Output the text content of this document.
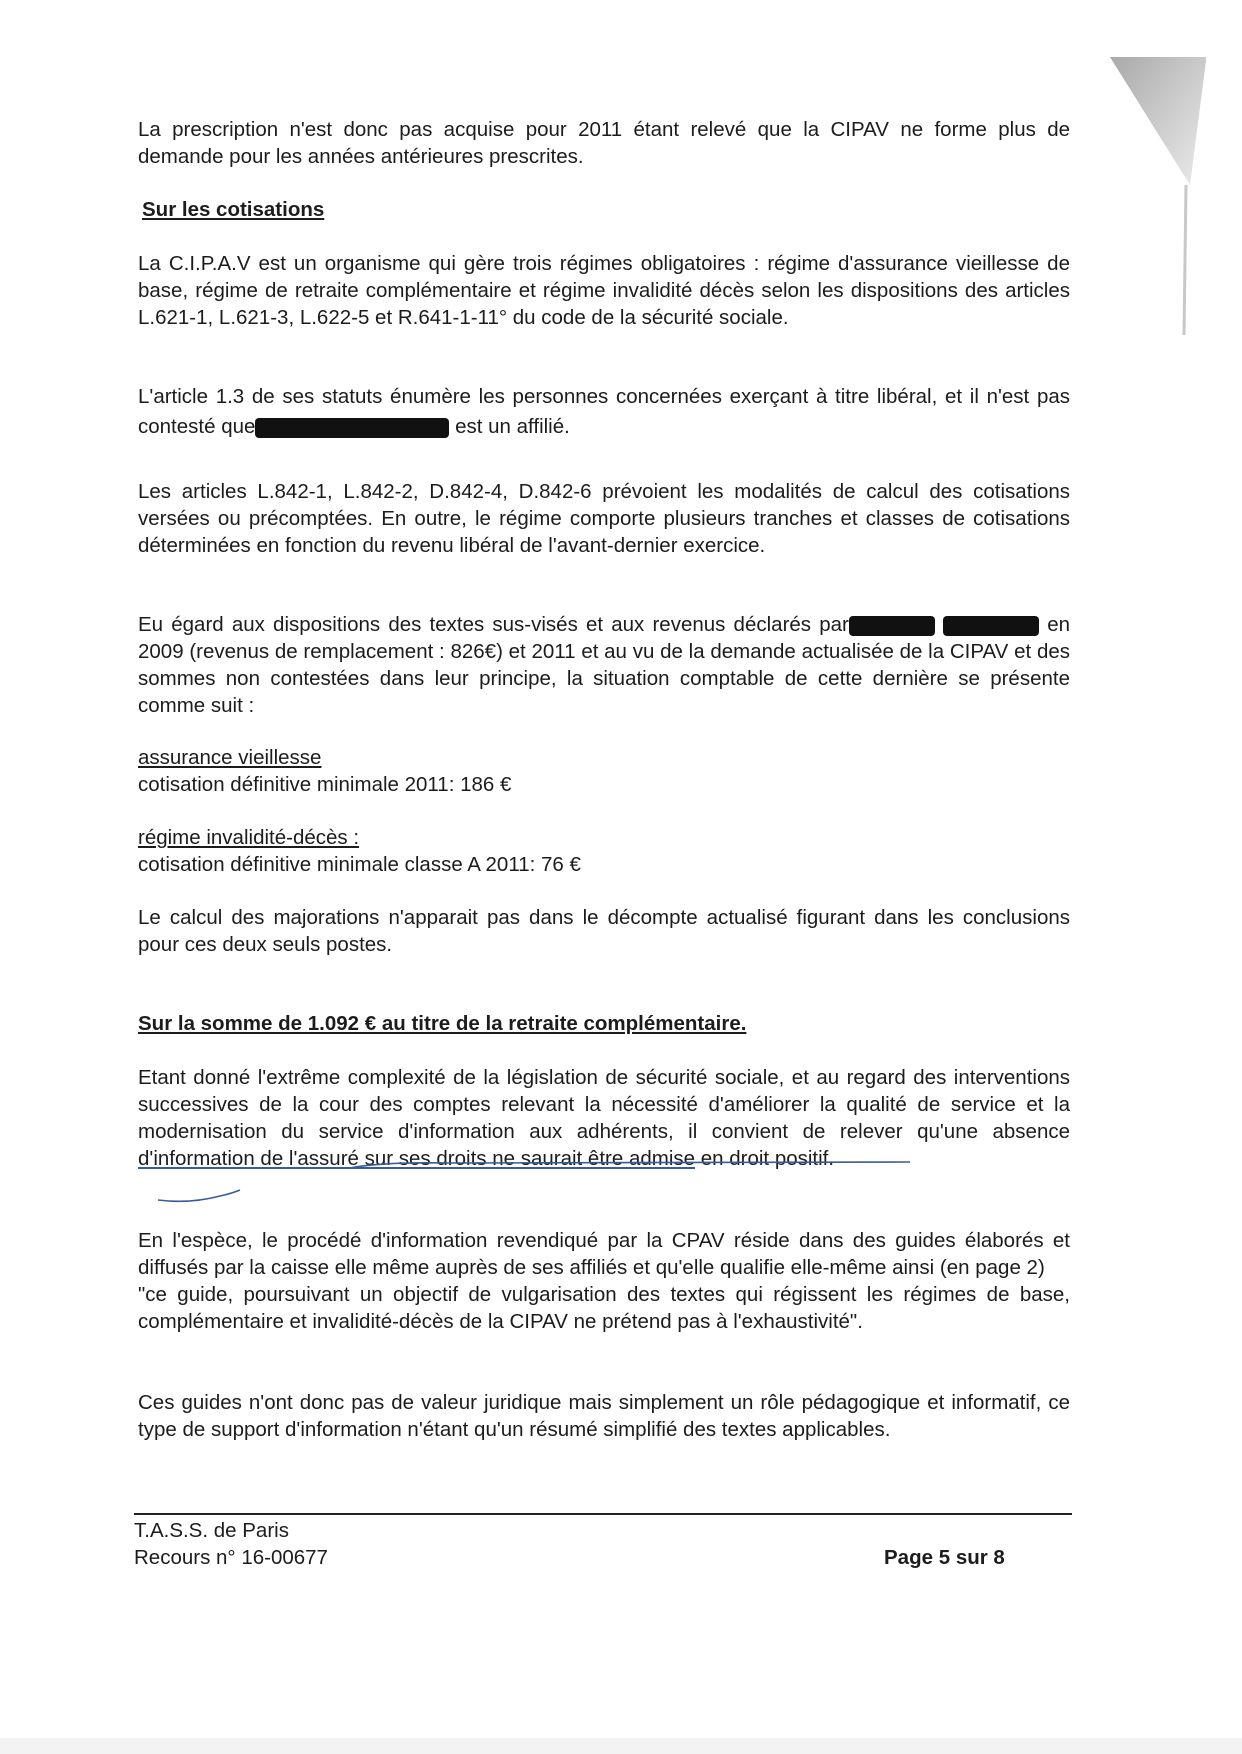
La prescription n'est donc pas acquise pour 2011 étant relevé que la CIPAV ne forme plus de demande pour les années antérieures prescrites.

Sur les cotisations

La C.I.P.A.V est un organisme qui gère trois régimes obligatoires : régime d'assurance vieillesse de base, régime de retraite complémentaire et régime invalidité décès selon les dispositions des articles L.621-1, L.621-3, L.622-5 et R.641-1-11° du code de la sécurité sociale.

L'article 1.3 de ses statuts énumère les personnes concernées exerçant à titre libéral, et il n'est pas contesté que	est un affilié.

Les articles L.842-1, L.842-2, D.842-4, D.842-6 prévoient les modalités de calcul des cotisations versées ou précomptées. En outre, le régime comporte plusieurs tranches et classes de cotisations déterminées en fonction du revenu libéral de l'avant-dernier exercice.

Eu égard aux dispositions des textes sus-visés et aux revenus déclarés par	en 2009 (revenus de remplacement : 826€) et 2011 et au vu de la demande actualisée de la CIPAV et des sommes non contestées dans leur principe, la situation comptable de cette dernière se présente comme suit :

assurance vieillesse
cotisation définitive minimale 2011: 186 €
régime invalidité-décès :
cotisation définitive minimale classe A 2011: 76 €

Le calcul des majorations n'apparait pas dans le décompte actualisé figurant dans les conclusions pour ces deux seuls postes.

Sur la somme de 1.092 € au titre de la retraite complémentaire.

Etant donné l'extrême complexité de la législation de sécurité sociale, et au regard des interventions successives de la cour des comptes relevant la nécessité d'améliorer la qualité de service et la modernisation du service d'information aux adhérents, il convient de relever qu'une absence d'information de l'assuré sur ses droits ne saurait être admise en droit positif.

En l'espèce, le procédé d'information revendiqué par la CPAV réside dans des guides élaborés et diffusés par la caisse elle même auprès de ses affiliés et qu'elle qualifie elle-même ainsi (en page 2)

"ce guide, poursuivant un objectif de vulgarisation des textes qui régissent les régimes de base, complémentaire et invalidité-décès de la CIPAV ne prétend pas à l'exhaustivité".

Ces guides n'ont donc pas de valeur juridique mais simplement un rôle pédagogique et informatif, ce type de support d'information n'étant qu'un résumé simplifié des textes applicables.

T.A.S.S. de Paris
Recours n° 16-00677	Page 5 sur 8
